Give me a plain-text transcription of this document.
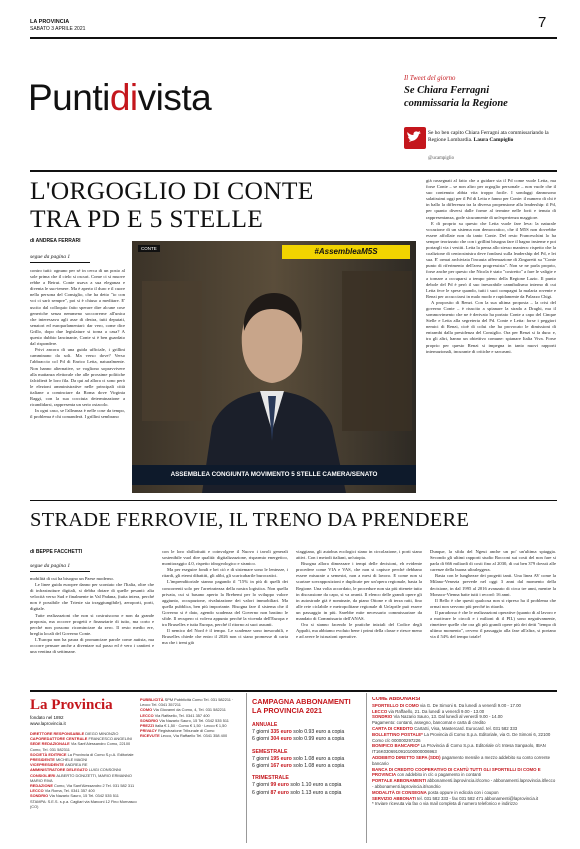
LA PROVINCIA
SABATO 3 APRILE 2021	7
Puntidivista	Il Tweet del giorno
Se Chiara Ferragni
commissaria la Regione
Se ho ben capito Chiara Ferragni ata commissariando la Regione Lombardia. Laura Campiglio
@ucampiglio
L'ORGOGLIO DI CONTE
TRA PD E 5 STELLE
di ANDREA FERRARI
segue da pagina 1

contro tutti: ognuno per sé in cerca di un posto al sole prima che il cielo si oscuri. Come ci si muove rebbe a Beirut. Conte usava a sua eleganza e diventa le suo-tenere. Ma è aperto il duro e il cuore nella persona del Consiglio, che ha detto "io con voi ci sarò sempre", poi si è chiuso a meditare. E' uscito dal colloquio fatto sperare dire alcune cose generiche senza nemmeno soccorrerne all'unica che interessava agli asse di destra, tutti deputati, senatori ed europarlamentari: dar vero, come dice Grillo, dopo due legislature si torna a casa? A questo dubbio lancinante, Conte si è ben guardato dal rispondere.

Privi ancora di una guida ufficiale, i grillini camminano da soli. Ma verso dove? Verso l'abbraccio col Pd di Enrico Letta, naturalmente. Non hanno alternative, se vogliono sopravvivere alla mattanza elettorale che alle prossime politiche falcidierà le loro fila. Da qui ad allora ci sono però le elezioni amministrative nelle principali città italiane a cominciare da Roma dove Virginia Raggi, con la sua cocciuta determinazione a ricandidarsi, rappresenta un serio ostacolo.

In ogni caso, se l'alleanza è nelle cose da tempo, il problema è chi comanderà. I grillini sembrano

CONTE	#AssembleaM5S
ASSEMBLEA CONGIUNTA MOVIMENTO 5 STELLE CAMERA/SENATO

già rassegnati al fatto che a guidare sia il Pd come vuole Letta, ma forse Conte – se non altro per orgoglio personale – non vuole che il suo contenuto abbia vita troppo facile. I sondaggi dannosono salatissimi oggi per il Pd di Letta e fanno per Conte: il numero di chi è in ballo la differenza tra la diversa propensione alla leadership: il Pd, per quanto diversi dalle forme al termine nelle forti e tenuta di rappresentanza, gode sicuramente di un'esperienza maggiore.

E di proprio su questo che Letta vuole fare leva: la naturale vocazione di un sistema non democratico, che il M5S non dovrebbe essere affollate non da tanto Conte. Del resto Franceschini lo ha sempre teorizzato che con i grillini bisogna fare il bagno insieme e poi portargli via i vestiti. Letta la pensa allo stesso maniera: rispetto che la coalizione di centrosinistra deve fondarsi sulla leadership del Pd, e lei sua. E' ormai archiviata l'incauta affermazione di Zingaretti su "Conte punto di riferimento dell'area progressista". Non se ne parla proprio, forse anche per questo che Nicola è stato "costretto" a fare le valigie e a tornare a occuparsi a tempo pieno della Regione Lazio. Il punto debole del Pd è però il suo inesorabile cannibalismo interno di cui Letta fece le spese quando, tutti i suoi compagni la malaria rovente e Renzi per accucciarsi in malo modo e rapidamente da Palazzo Chigi.

A proposito di Renzi. Con la sua ultima proposta – la crisi del governo Conte – è riuscito a spianare la strada a Draghi, ma il sommovimento che ne è derivato ha portato Conte a capo del Cinque Stelle e Letta alla segreteria del Pd. Conte e Letta: forse i peggiori nemici di Renzi, cioè di colui che ha provocato le dimissioni di entrambi dalla presidenza del Consiglio. Ora per Renzi si fa dura: e, tra gli altri, hanno un obiettivo comune: spianare Italia Viva. Forse proprio per questo Renzi si impegna in tanto nuovi rapporti internazionali, incurante di critiche e sarcasmi.

STRADE FERROVIE, IL TRENO DA PRENDERE
di BEPPE FACCHETTI
segue da pagina 1

mobilità di cui ha bisogno un Paese moderno.

Le linee guida europee danno per scontato che l'Italia, oltre che di infrastrutture digitali, si debba dotare di quelle pesanti: alta velocità verso Sud e finalmente in Val Padana, (tutta intera, perché non è possibile che Trieste sia irraggiungibile), aeroporti, porti, digitale.

Tutte realizzazioni che non si costruiscono e non da grande proposta, ma occorre progetti e finanziarie di tutto, ma corto e perché non possono ricominciare da zero. Il resto medio ere, breglia locali del Governo Conte.

L'Europa non ha paura di pronunciare parole come autista, ma occorre pensare anche a diventare sul passo ed è vero i cantieri e una ventina di settimane.

con le loro sbillottuiti e coinvolgere il Nuovo i tavoli generali sostenibile vuol dire qualità: digitalizzazione, risparmio energetico, monitoraggio 4.0, rispetto idrogeologico e sismico.

Ma per eseguire fondi e bei ciò e di sistemare sono le lentezze, i ritardi, gli eterni dibattiti, gli alibi, gli scaricabarile burocratici.

L'imprenditoriale stanno pagando il "15% in più di quelli dei concorrenti solo per l'arretratezza della nostra logistica. Non quella privata, cui si basano aperto la Brebemi per lo sviluppo valore aggiunto, occupazione, rivalutazione dei valori immobiliari. Ma quella pubblica, ben più importante. Bisogna fare il sistema che il Governo si è dato, agendo scadenza del Governo non bastino le sfide. Il recupero ci voleva appunto perché la vicenda dell'Europa e tra Bruxelles e tutta Europa, perché il ritorno ai suoi assunti.

Il nemico del Nord è il tempo. Le scadenze sono inesorabili, e Bruxelles chiede che entro il 2026 non ci siano promesse di carta ma che i treni già

viaggiano, gli autobus ecologici siano in circolazione, i porti siano attivi. Con i metodi italiani, un'utopia.

Bisogna allora dimezzare i tempi delle decisioni, eh evidente procedere come VIA e VAS, che non si capisce perché debbano essere misurate a semestri, non a mesi di lavoro. E come non si scartare sovrapposizioni e duplicate per un'opera regionale, basta la Regione. Una volta accordato, le procedure non sia più ritenete tutto in discussione da capo, si va avanti. Il elenco delle grandi opere gli in autostrade già è nominate, da piano Ottone e di terza ratti, fino alle rete ciclabile e metropolitane regionale di Un'aprile può essere un passaggio in più. Sarebbe mite necessario commissariare da mandato di Commissario dell'ANAS.

Ora si stanno facendo le pratiche iniziali del Codice degli Appalti, ma abbiamo evoluto bene i primi della classe e riesce meno e ad avere le istruzioni operative.

Dunque, la sfida del Ngeui anche un po' un'ultima spiaggia. Secondo gli ultimi rapporti studio Bocconi sui costi del non fare si parla di 666 miliardi di costi fino al 2030, di cui ben 379 dovuti alle carenze della buona ultraleggera.

Basta con le lunghezze dei progetti tanti. Una linea AV come la Milano-Venezia prevede nel oggi 3 anni dal momento della decisione, in dal 1995 al 2016 avanzato di circa tre anni, mentre la Monaco-Vienna batte tutti i record: 16 anni.

Il Bello è che questi qualcosa non si ripreso ha il problema che ormai non servono più perché in ritardo.

Il paradosso è che le realizzazioni operative (quanto di al lavoro e a motivare le circoli e i milioni di il PIL) sono negativamente, rimettere quelle che ora gli più grandi opere più dei detti "tempo di ultimo momento", ovvero il passaggio alla fase all'altra, si portano via il 54% del tempo totale!

La Provincia
fondato nel 1892
www.laprovincia.it
DIRETTORE RESPONSABILE DIEGO MINONZIO
CAPOREDATTORE CENTRALE FRANCESCO ANGELINI
SEDE REDAZIONALE Via Sant'Alessandro Como, 22100 Como, Tel. 031 582311
SOCIETÀ EDITRICE La Provincia di Como S.p.A. Editoriale
PRESIDENTE MICHELE MAGNI
VICEPRESIDENTE ANDREA RE
AMMINISTRATORE DELEGATO LUIGI CONSONNI
CONSIGLIERI ALBERTO DONIZETTI, MARIO ERMANNO MARIO RIVA
REDAZIONE Como, Via Sant'Alessandro 2 Tel. 031 582 311
LECCO Via Roma, Tel. 0341 357 400
SONDRIO Via Nazario Sauro, 15 Tel. 0342 535 511
STAMPA: S.E.S. s.p.a. Cagliari via Marconi 12 Fino Mornasco (CO)
PUBBLICITÀ SPM Pubblicità Como Tel. 031 582211 · Lecco Tel. 0341 357211
COMO Via Giovanni da Como, 4, Tel. 031 582211
LECCO Via Raffaello, Tel. 0341 357 400
SONDRIO Via Nazario Sauro, 15 Tel. 0342 535 511
PREZZI Italia € 1,50 · Como € 1,50 · Lecco € 1,50
PRIVACY Registrazione Tribunale di Como
RICEVUTE Lecco, Via Raffaello Tel. 0341 358 400
CAMPAGNA ABBONAMENTI
LA PROVINCIA 2021
ANNUALE
7 giorni 335 euro solo 0.93 euro a copia
6 giorni 304 euro solo 0.99 euro a copia
SEMESTRALE
7 giorni 195 euro solo 1.08 euro a copia
6 giorni 167 euro solo 1.08 euro a copia
TRIMESTRALE
7 giorni 99 euro solo 1.10 euro a copia
6 giorni 87 euro solo 1.13 euro a copia
COME ABBONARSI
SPORTELLO DI COMO via G. De Simoni 6. Da lunedì a venerdì 9.00 - 17.00
LECCO via Raffaello, 21. Da lunedì a venerdì 9.00 - 13.00
SONDRIO Via Nazario Sauro, 13. Dal lunedì al venerdì 9.00 - 14.00
Pagamento: contanti, assegno, bancomat e carta di credito
CARTA DI CREDITO CartaSi, Visa, Mastercard. Eurocard. tel. 031 582 333
BOLLETTINO POSTALE* La Provincia di Como S.p.a. Editoriale, via G. De Simoni 6, 22100 Como c/c 000000297226
BONIFICO BANCARIO* La Provincia di Como S.p.a. Editoriale c/c Intesa Sanpaolo, IBAN IT16K0306910910100000006963
ADDEBITO DIRETTO SEPA (SDD) pagamento mensile a mezzo addebito su conto corrente bancario
BANCA DI CREDITO COOPERATIVO DI CANTÙ TUTTI GLI SPORTELLI DI COMO E PROVINCIA con addebito in c/c o pagamento in contanti
PORTALE ABBONAMENTI abbonamenti.laprovincia.it/como - abbonamenti.laprovincia.it/lecco - abbonamenti.laprovincia.it/sondrio
MODALITÀ DI CONSEGNA posta oppure in edicola con i coupon
SERVIZIO ABBONATI tel. 031 582 333 - fax 031 582 471 abbonamenti@laprovincia.it
* Inviare ricevuta via fax o via mail completa di numero telefonico e indirizzo
